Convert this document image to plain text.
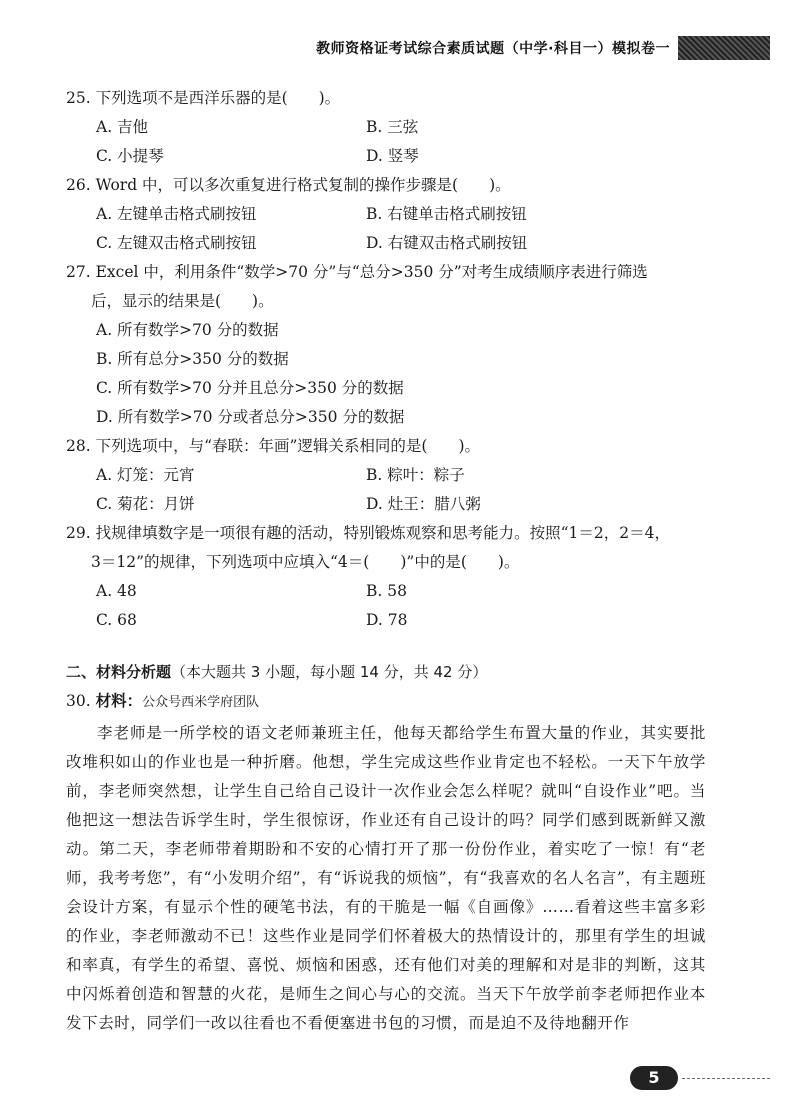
教师资格证考试综合素质试题（中学·科目一）模拟卷一
25. 下列选项不是西洋乐器的是(　　)。
A. 吉他	B. 三弦
C. 小提琴	D. 竖琴
26. Word 中，可以多次重复进行格式复制的操作步骤是(　　)。
A. 左键单击格式刷按钮	B. 右键单击格式刷按钮
C. 左键双击格式刷按钮	D. 右键双击格式刷按钮
27. Excel 中，利用条件“数学>70 分”与“总分>350 分”对考生成绩顺序表进行筛选
后，显示的结果是(　　)。
A. 所有数学>70 分的数据
B. 所有总分>350 分的数据
C. 所有数学>70 分并且总分>350 分的数据
D. 所有数学>70 分或者总分>350 分的数据
28. 下列选项中，与“春联：年画”逻辑关系相同的是(　　)。
A. 灯笼：元宵	B. 粽叶：粽子
C. 菊花：月饼	D. 灶王：腊八粥
29. 找规律填数字是一项很有趣的活动，特别锻炼观察和思考能力。按照“1＝2，2＝4，
3＝12”的规律，下列选项中应填入“4＝(　　)”中的是(　　)。
A. 48	B. 58
C. 68	D. 78
二、材料分析题（本大题共 3 小题，每小题 14 分，共 42 分）
30. 材料：公众号西米学府团队
李老师是一所学校的语文老师兼班主任，他每天都给学生布置大量的作业，其实要批改堆积如山的作业也是一种折磨。他想，学生完成这些作业肯定也不轻松。一天下午放学前，李老师突然想，让学生自己给自己设计一次作业会怎么样呢？就叫“自设作业”吧。当他把这一想法告诉学生时，学生很惊讶，作业还有自己设计的吗？同学们感到既新鲜又激动。第二天，李老师带着期盼和不安的心情打开了那一份份作业，着实吃了一惊！有“老师，我考考您”，有“小发明介绍”，有“诉说我的烦恼”，有“我喜欢的名人名言”，有主题班会设计方案，有显示个性的硬笔书法，有的干脆是一幅《自画像》……看着这些丰富多彩的作业，李老师激动不已！这些作业是同学们怀着极大的热情设计的，那里有学生的坦诚和率真，有学生的希望、喜悦、烦恼和困惑，还有他们对美的理解和对是非的判断，这其中闪烁着创造和智慧的火花，是师生之间心与心的交流。当天下午放学前李老师把作业本发下去时，同学们一改以往看也不看便塞进书包的习惯，而是迫不及待地翻开作
5
